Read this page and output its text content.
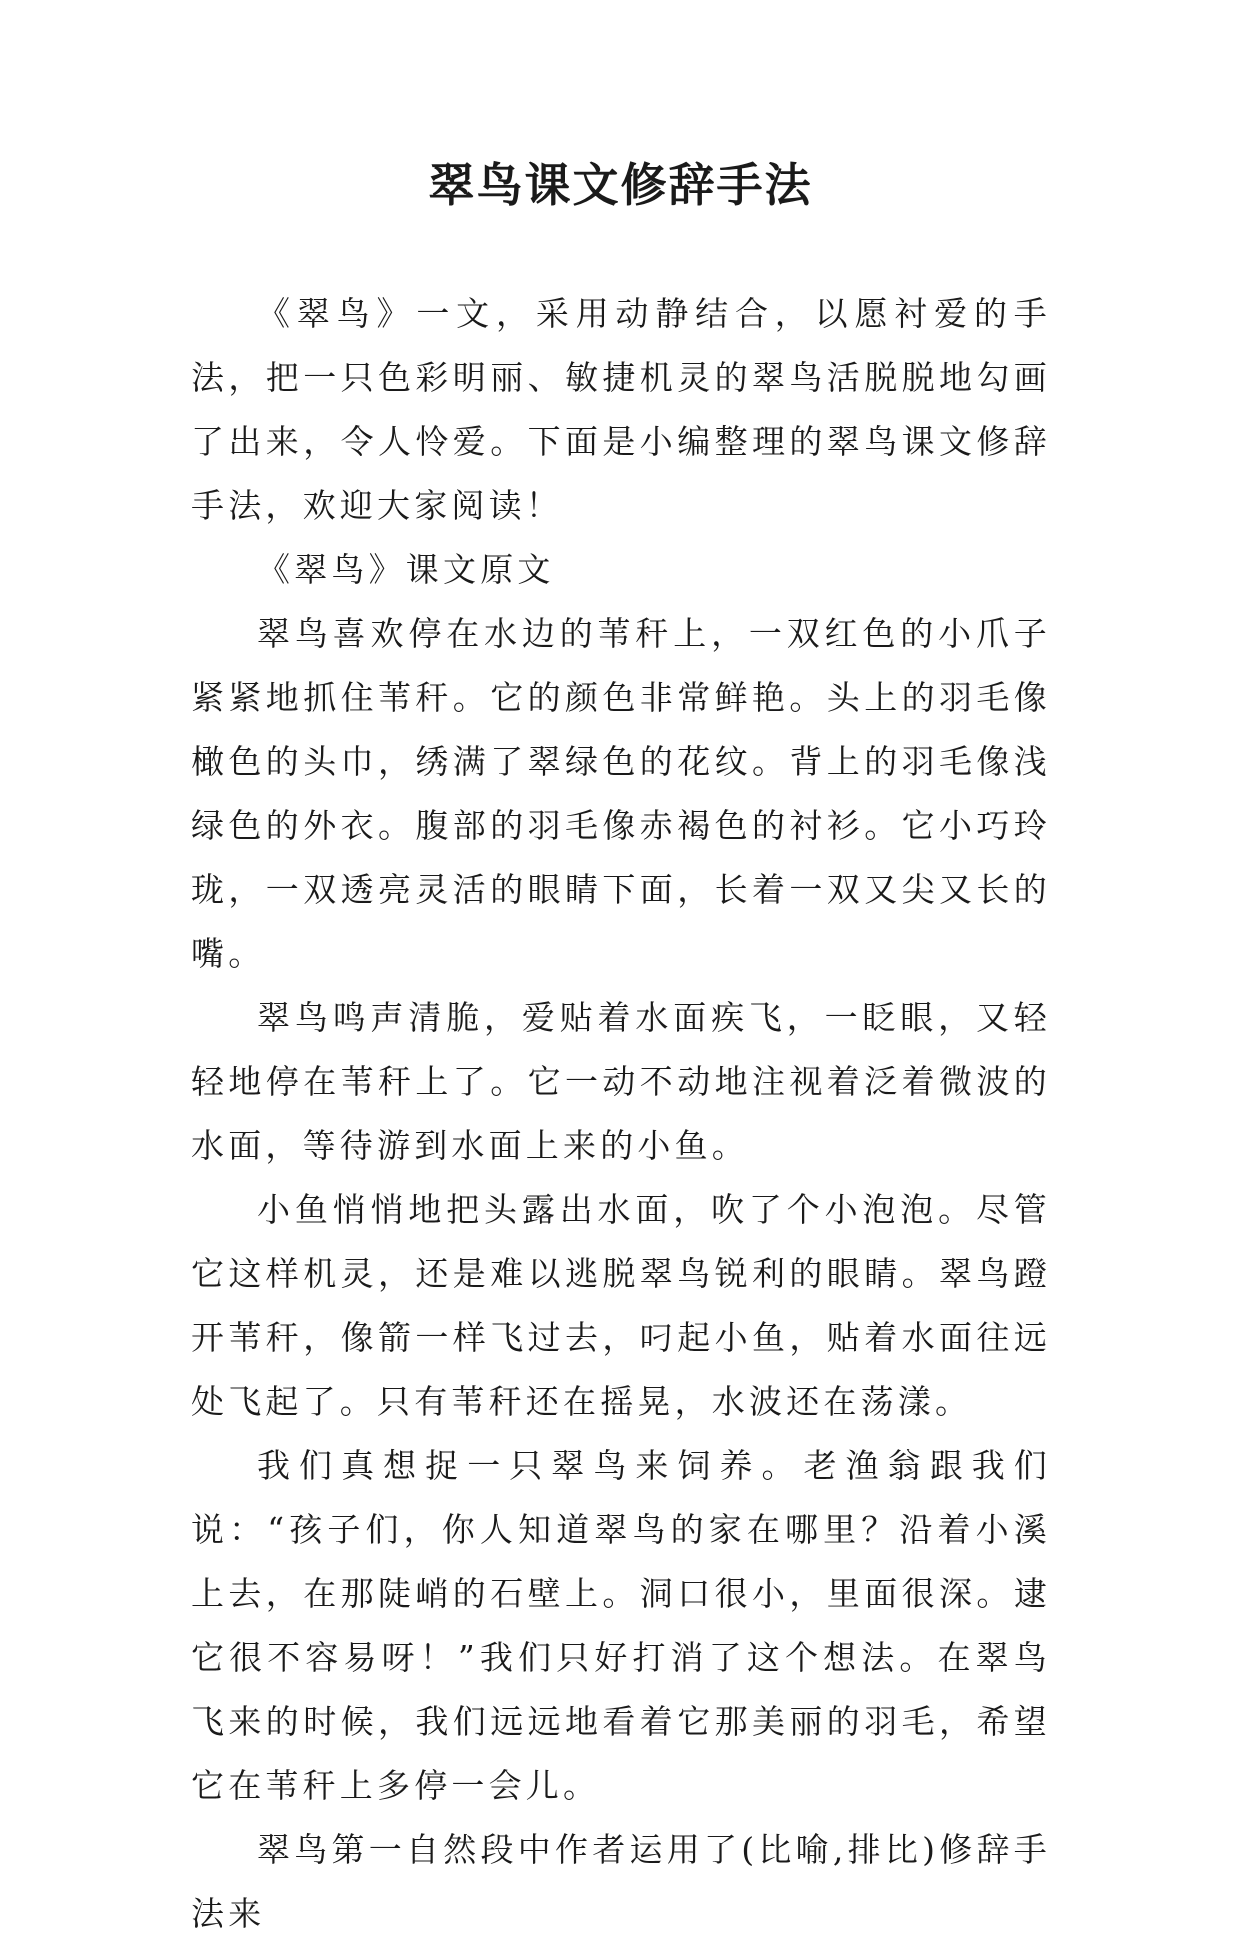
翠鸟课文修辞手法

《翠鸟》一文，采用动静结合，以愿衬爱的手法，把一只色彩明丽、敏捷机灵的翠鸟活脱脱地勾画了出来，令人怜爱。下面是小编整理的翠鸟课文修辞手法，欢迎大家阅读！

《翠鸟》课文原文

翠鸟喜欢停在水边的苇秆上，一双红色的小爪子紧紧地抓住苇秆。它的颜色非常鲜艳。头上的羽毛像橄色的头巾，绣满了翠绿色的花纹。背上的羽毛像浅绿色的外衣。腹部的羽毛像赤褐色的衬衫。它小巧玲珑，一双透亮灵活的眼睛下面，长着一双又尖又长的嘴。

翠鸟鸣声清脆，爱贴着水面疾飞，一眨眼，又轻轻地停在苇秆上了。它一动不动地注视着泛着微波的水面，等待游到水面上来的小鱼。

小鱼悄悄地把头露出水面，吹了个小泡泡。尽管它这样机灵，还是难以逃脱翠鸟锐利的眼睛。翠鸟蹬开苇秆，像箭一样飞过去，叼起小鱼，贴着水面往远处飞起了。只有苇秆还在摇晃，水波还在荡漾。

我们真想捉一只翠鸟来饲养。老渔翁跟我们说：“孩子们，你人知道翠鸟的家在哪里？沿着小溪上去，在那陡峭的石壁上。洞口很小，里面很深。逮它很不容易呀！”我们只好打消了这个想法。在翠鸟飞来的时候，我们远远地看着它那美丽的羽毛，希望它在苇秆上多停一会儿。

翠鸟第一自然段中作者运用了(比喻,排比)修辞手法来
